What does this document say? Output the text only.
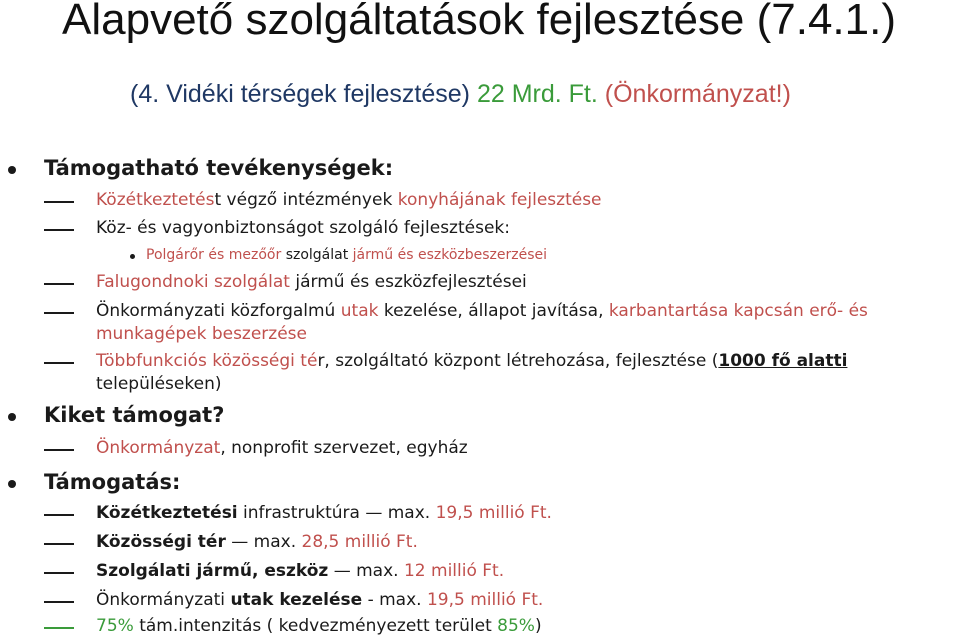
Alapvető szolgáltatások fejlesztése (7.4.1.)
(4. Vidéki térségek fejlesztése) 22 Mrd. Ft. (Önkormányzat!)
Támogatható tevékenységek:
Közétkeztetést végző intézmények konyhájának fejlesztése
Köz- és vagyonbiztonságot szolgáló fejlesztések:
Polgárőr és mezőőr szolgálat jármű és eszközbeszerzései
Falugondnoki szolgálat jármű és eszközfejlesztései
Önkormányzati közforgalmú utak kezelése, állapot javítása, karbantartása kapcsán erő- és
munkagépek beszerzése
Többfunkciós közösségi tér, szolgáltató központ létrehozása, fejlesztése (1000 fő alatti
településeken)
Kiket támogat?
Önkormányzat, nonprofit szervezet, egyház
Támogatás:
Közétkeztetési infrastruktúra — max. 19,5 millió Ft.
Közösségi tér — max. 28,5 millió Ft.
Szolgálati jármű, eszköz — max. 12 millió Ft.
Önkormányzati utak kezelése - max. 19,5 millió Ft.
75% tám.intenzitás ( kedvezményezett terület 85%)
